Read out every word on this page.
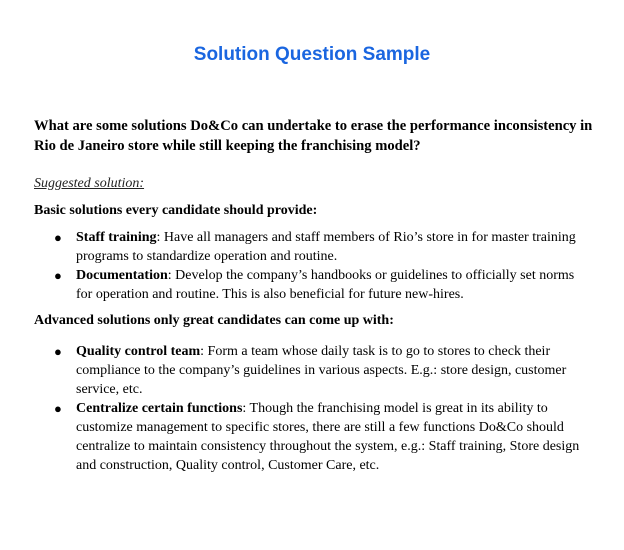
Solution Question Sample

What are some solutions Do&Co can undertake to erase the performance inconsistency in Rio de Janeiro store while still keeping the franchising model?

Suggested solution:

Basic solutions every candidate should provide:

● Staff training: Have all managers and staff members of Rio’s store in for master training programs to standardize operation and routine.
● Documentation: Develop the company’s handbooks or guidelines to officially set norms for operation and routine. This is also beneficial for future new-hires.

Advanced solutions only great candidates can come up with:

● Quality control team: Form a team whose daily task is to go to stores to check their compliance to the company’s guidelines in various aspects. E.g.: store design, customer service, etc.
● Centralize certain functions: Though the franchising model is great in its ability to customize management to specific stores, there are still a few functions Do&Co should centralize to maintain consistency throughout the system, e.g.: Staff training, Store design and construction, Quality control, Customer Care, etc.
